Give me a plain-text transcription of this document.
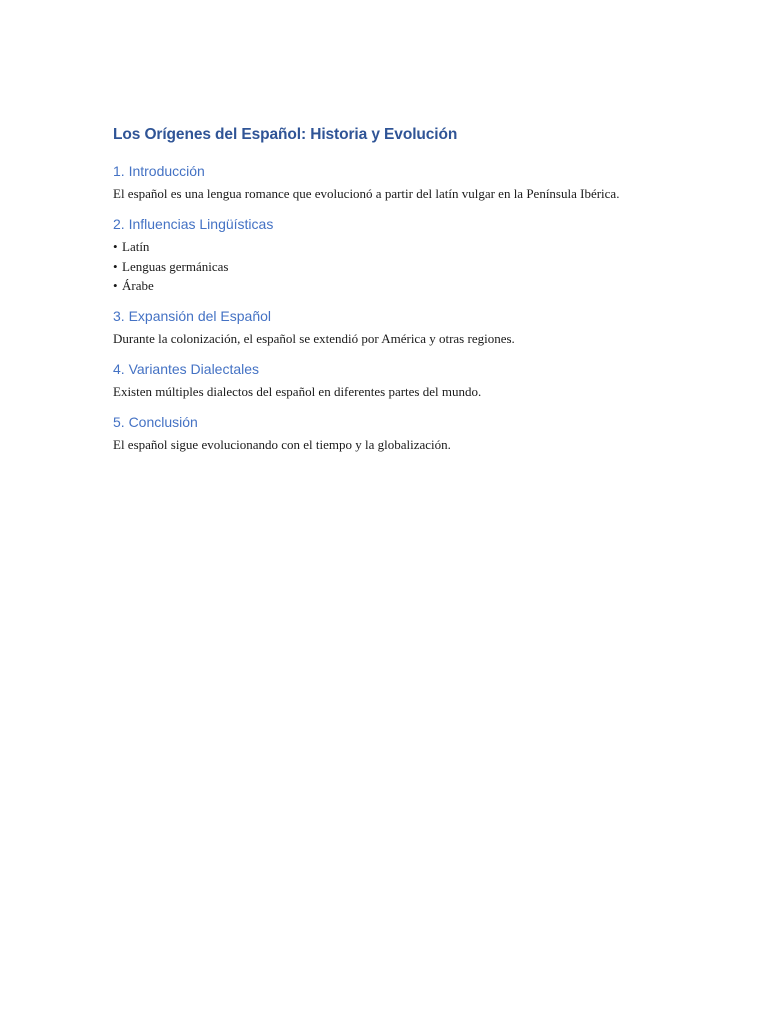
Los Orígenes del Español: Historia y Evolución
1. Introducción

El español es una lengua romance que evolucionó a partir del latín vulgar en la Península Ibérica.

2. Influencias Lingüísticas
• Latín
• Lenguas germánicas
• Árabe
3. Expansión del Español

Durante la colonización, el español se extendió por América y otras regiones.

4. Variantes Dialectales

Existen múltiples dialectos del español en diferentes partes del mundo.

5. Conclusión

El español sigue evolucionando con el tiempo y la globalización.
